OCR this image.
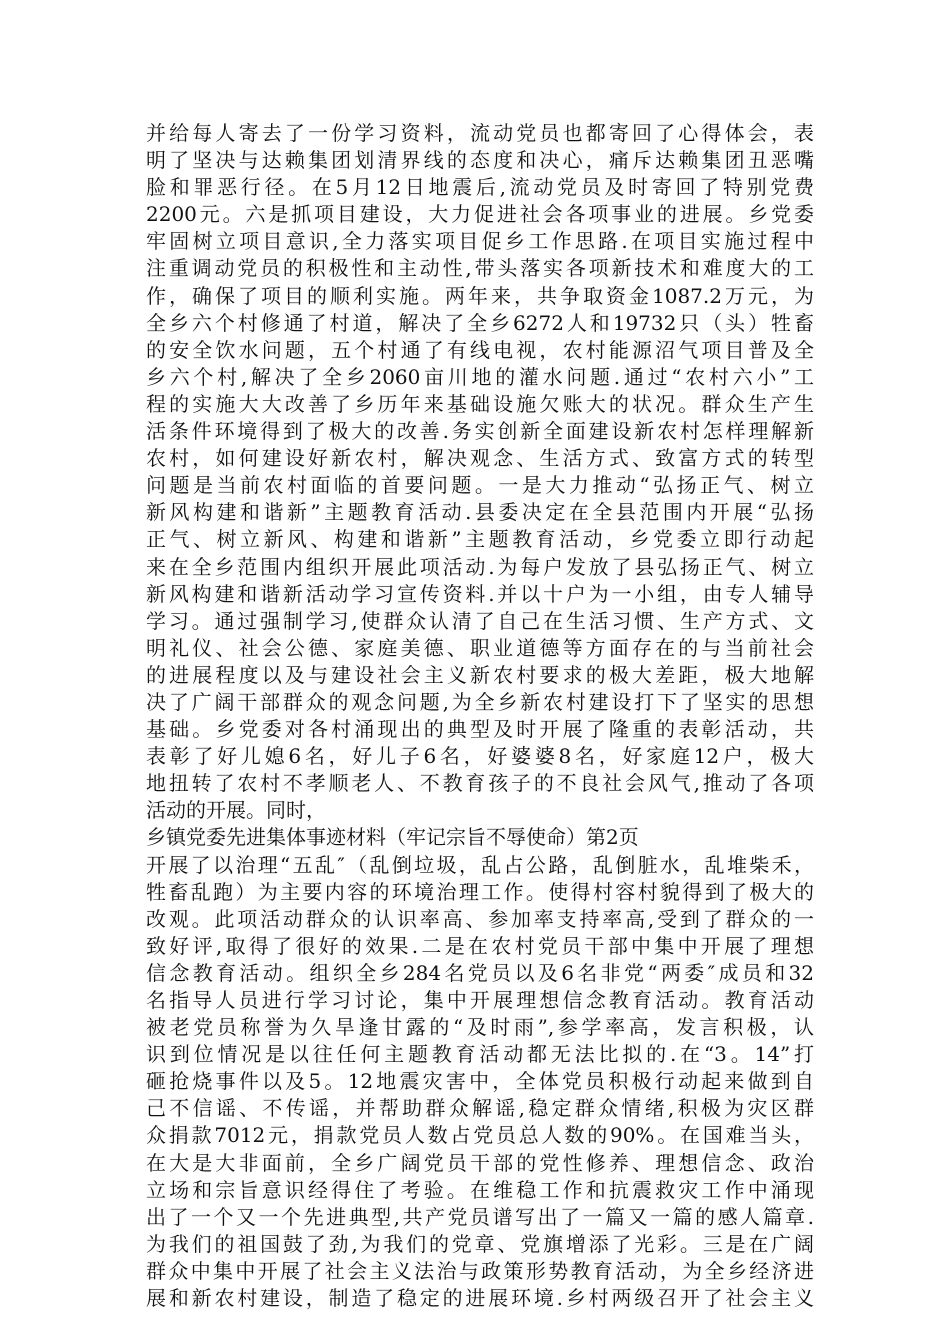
并给每人寄去了一份学习资料，流动党员也都寄回了心得体会，表
明了坚决与达赖集团划清界线的态度和决心，痛斥达赖集团丑恶嘴
脸和罪恶行径。在5月12日地震后,流动党员及时寄回了特别党费
2200元。六是抓项目建设，大力促进社会各项事业的进展。乡党委
牢固树立项目意识,全力落实项目促乡工作思路.在项目实施过程中
注重调动党员的积极性和主动性,带头落实各项新技术和难度大的工
作，确保了项目的顺利实施。两年来，共争取资金1087.2万元，为
全乡六个村修通了村道，解决了全乡6272人和19732只（头）牲畜
的安全饮水问题，五个村通了有线电视，农村能源沼气项目普及全
乡六个村,解决了全乡2060亩川地的灌水问题.通过“农村六小”工
程的实施大大改善了乡历年来基础设施欠账大的状况。群众生产生
活条件环境得到了极大的改善.务实创新全面建设新农村怎样理解新
农村，如何建设好新农村，解决观念、生活方式、致富方式的转型
问题是当前农村面临的首要问题。一是大力推动“弘扬正气、树立
新风构建和谐新”主题教育活动.县委决定在全县范围内开展“弘扬
正气、树立新风、构建和谐新”主题教育活动，乡党委立即行动起
来在全乡范围内组织开展此项活动.为每户发放了县弘扬正气、树立
新风构建和谐新活动学习宣传资料.并以十户为一小组，由专人辅导
学习。通过强制学习,使群众认清了自己在生活习惯、生产方式、文
明礼仪、社会公德、家庭美德、职业道德等方面存在的与当前社会
的进展程度以及与建设社会主义新农村要求的极大差距，极大地解
决了广阔干部群众的观念问题,为全乡新农村建设打下了坚实的思想
基础。乡党委对各村涌现出的典型及时开展了隆重的表彰活动，共
表彰了好儿媳6名，好儿子6名，好婆婆8名，好家庭12户，极大
地扭转了农村不孝顺老人、不教育孩子的不良社会风气,推动了各项
活动的开展。同时，
乡镇党委先进集体事迹材料（牢记宗旨不辱使命）第2页
开展了以治理“五乱″（乱倒垃圾，乱占公路，乱倒脏水，乱堆柴禾，
牲畜乱跑）为主要内容的环境治理工作。使得村容村貌得到了极大的
改观。此项活动群众的认识率高、参加率支持率高,受到了群众的一
致好评,取得了很好的效果.二是在农村党员干部中集中开展了理想
信念教育活动。组织全乡284名党员以及6名非党“两委″成员和32
名指导人员进行学习讨论，集中开展理想信念教育活动。教育活动
被老党员称誉为久旱逢甘露的“及时雨”,参学率高，发言积极，认
识到位情况是以往任何主题教育活动都无法比拟的.在“3。14”打
砸抢烧事件以及5。12地震灾害中，全体党员积极行动起来做到自
己不信谣、不传谣，并帮助群众解谣,稳定群众情绪,积极为灾区群
众捐款7012元，捐款党员人数占党员总人数的90%。在国难当头，
在大是大非面前，全乡广阔党员干部的党性修养、理想信念、政治
立场和宗旨意识经得住了考验。在维稳工作和抗震救灾工作中涌现
出了一个又一个先进典型,共产党员谱写出了一篇又一篇的感人篇章.
为我们的祖国鼓了劲,为我们的党章、党旗增添了光彩。三是在广阔
群众中集中开展了社会主义法治与政策形势教育活动，为全乡经济进
展和新农村建设，制造了稳定的进展环境.乡村两级召开了社会主义
